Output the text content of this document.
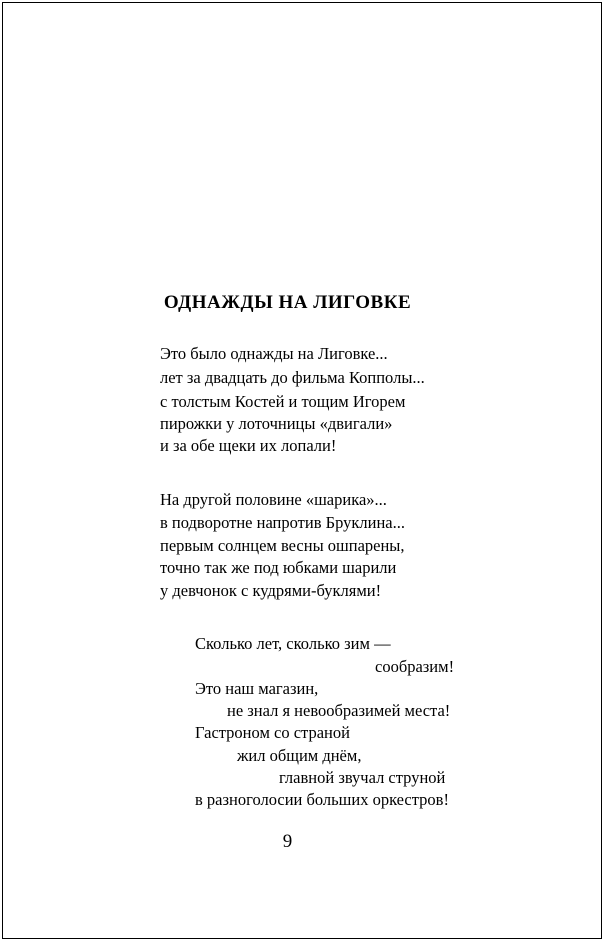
ОДНАЖДЫ НА ЛИГОВКЕ
Это было однажды на Лиговке...
лет за двадцать до фильма Копполы...
с толстым Костей и тощим Игорем
пирожки у лоточницы «двигали»
и за обе щеки их лопали!
На другой половине «шарика»...
в подворотне напротив Бруклина...
первым солнцем весны ошпарены,
точно так же под юбками шарили
у девчонок с кудрями-буклями!
Сколько лет, сколько зим —
сообразим!
Это наш магазин,
не знал я невообразимей места!
Гастроном со страной
жил общим днём,
главной звучал струной
в разноголосии больших оркестров!
9
